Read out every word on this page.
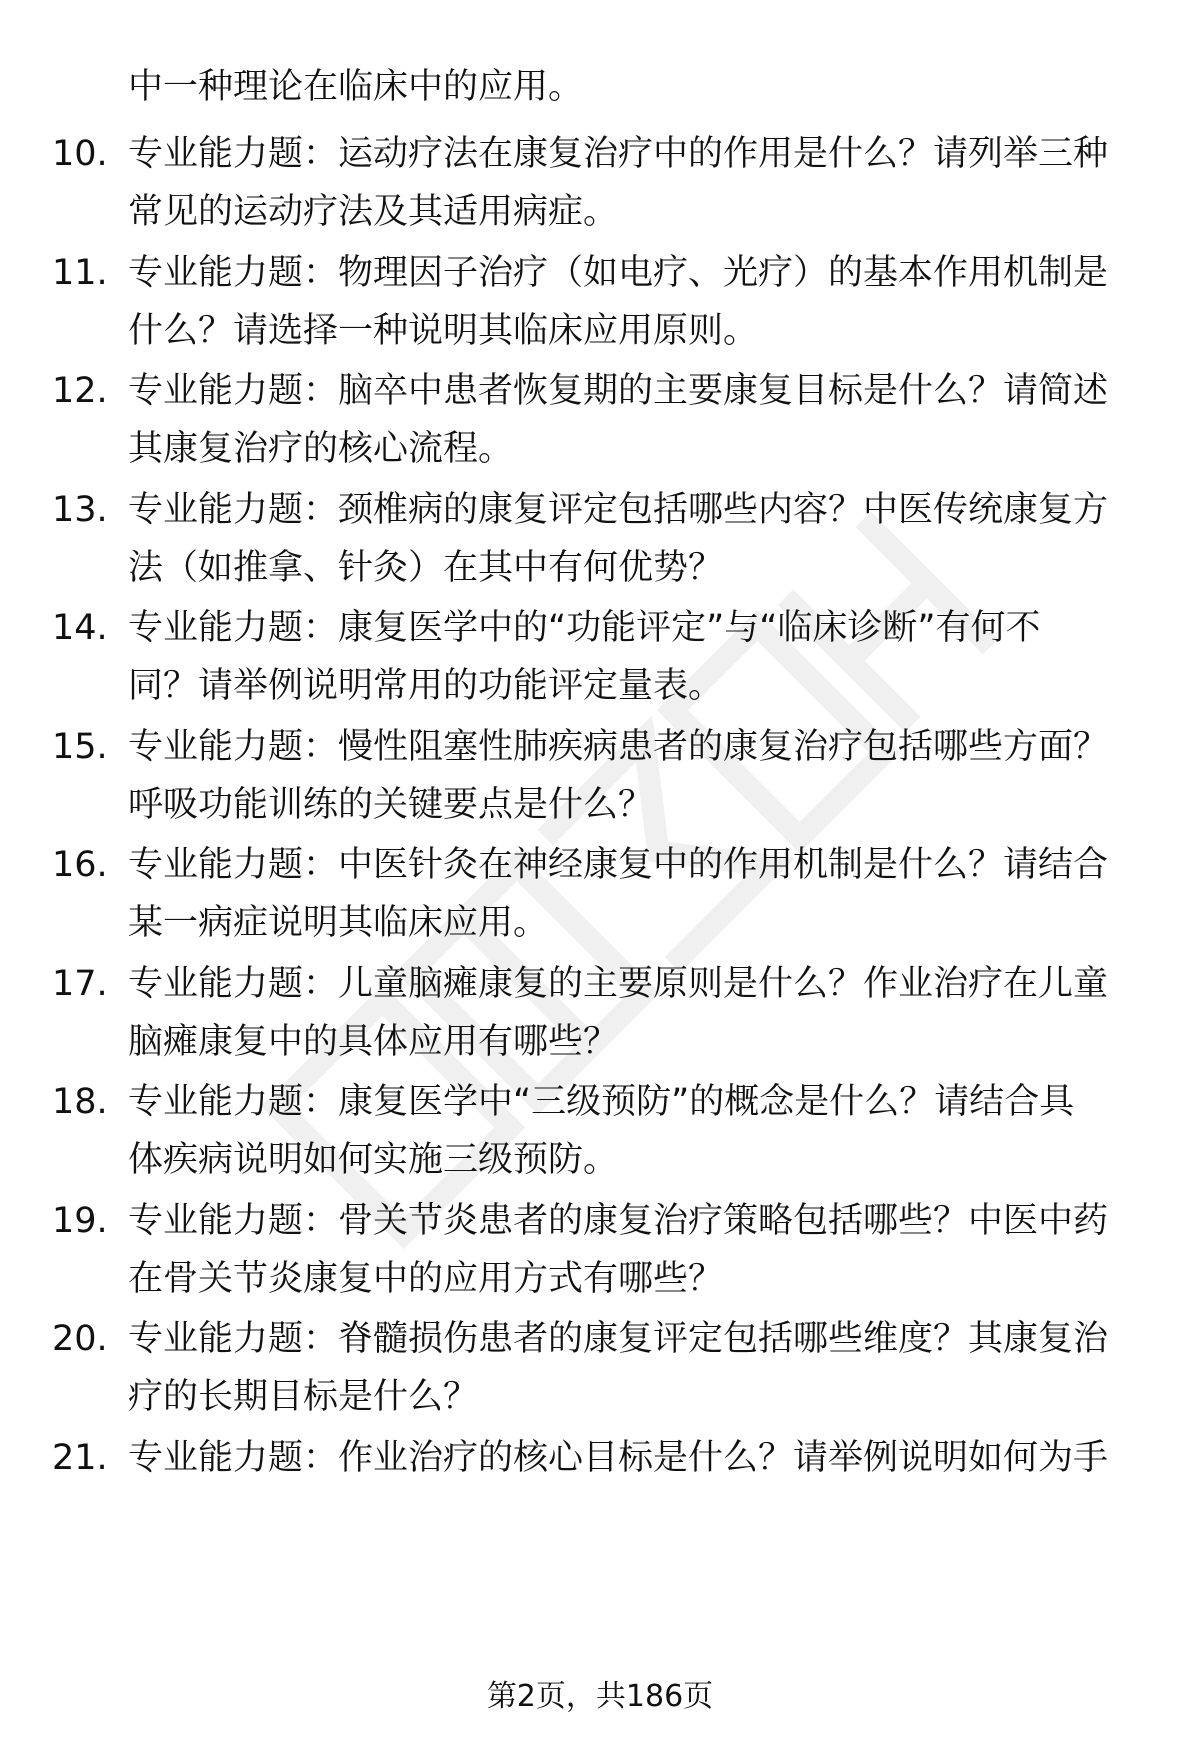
中一种理论在临床中的应用。
10. 专业能力题：运动疗法在康复治疗中的作用是什么？请列举三种
常见的运动疗法及其适用病症。
11. 专业能力题：物理因子治疗（如电疗、光疗）的基本作用机制是
什么？请选择一种说明其临床应用原则。
12. 专业能力题：脑卒中患者恢复期的主要康复目标是什么？请简述
其康复治疗的核心流程。
13. 专业能力题：颈椎病的康复评定包括哪些内容？中医传统康复方
法（如推拿、针灸）在其中有何优势？
14. 专业能力题：康复医学中的“功能评定”与“临床诊断”有何不
同？请举例说明常用的功能评定量表。
15. 专业能力题：慢性阻塞性肺疾病患者的康复治疗包括哪些方面？
呼吸功能训练的关键要点是什么？
16. 专业能力题：中医针灸在神经康复中的作用机制是什么？请结合
某一病症说明其临床应用。
17. 专业能力题：儿童脑瘫康复的主要原则是什么？作业治疗在儿童
脑瘫康复中的具体应用有哪些？
18. 专业能力题：康复医学中“三级预防”的概念是什么？请结合具
体疾病说明如何实施三级预防。
19. 专业能力题：骨关节炎患者的康复治疗策略包括哪些？中医中药
在骨关节炎康复中的应用方式有哪些？
20. 专业能力题：脊髓损伤患者的康复评定包括哪些维度？其康复治
疗的长期目标是什么？
21. 专业能力题：作业治疗的核心目标是什么？请举例说明如何为手
第2页，共186页
